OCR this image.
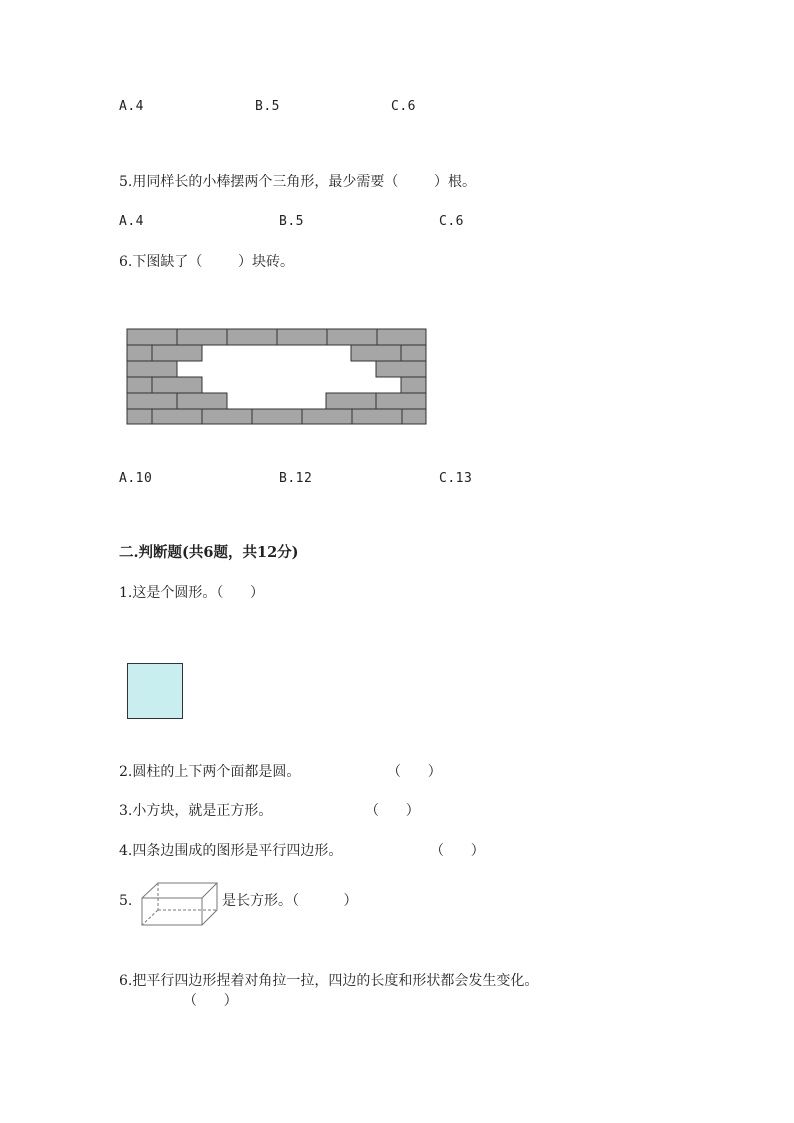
A.4	B.5	C.6
5.用同样长的小棒摆两个三角形，最少需要（        ）根。
A.4	B.5	C.6
6.下图缺了（        ）块砖。
A.10	B.12	C.13
二.判断题(共6题，共12分)
1.这是个圆形。（      ）
2.圆柱的上下两个面都是圆。	（      ）
3.小方块，就是正方形。	（      ）
4.四条边围成的图形是平行四边形。	（      ）
5.	是长方形。（          ）
6.把平行四边形捏着对角拉一拉，四边的长度和形状都会发生变化。
（      ）
